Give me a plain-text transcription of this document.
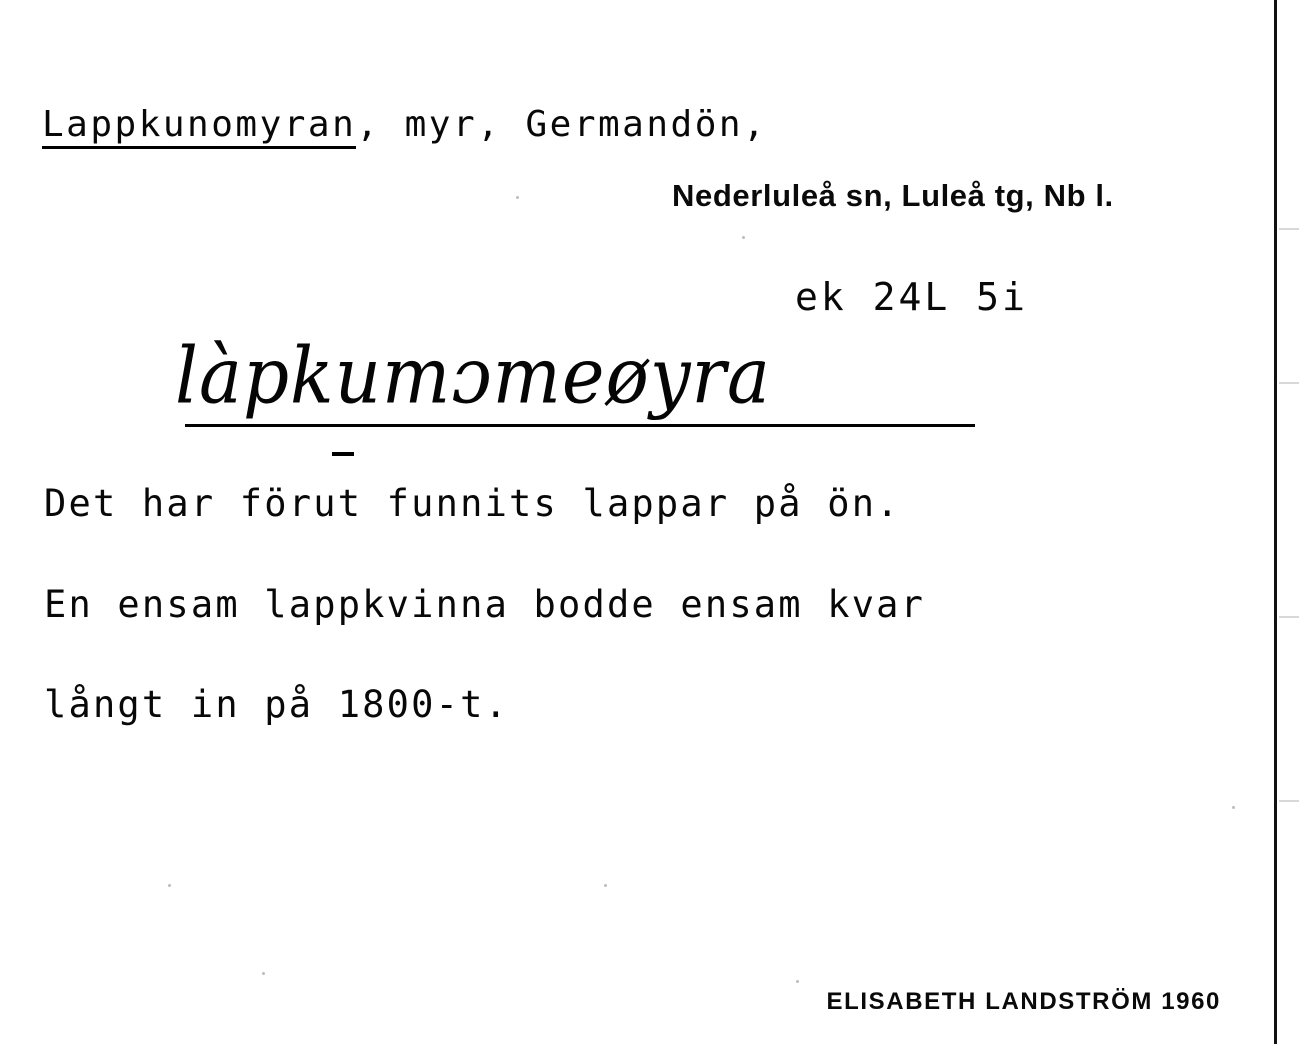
Lappkunomyran, myr, Germandön,
Nederluleå sn, Luleå tg, Nb l.
ek 24L 5i
làpkumɔmeøyra
Det har förut funnits lappar på ön.
En ensam lappkvinna bodde ensam kvar
långt in på 1800-t.
ELISABETH LANDSTRÖM 1960
